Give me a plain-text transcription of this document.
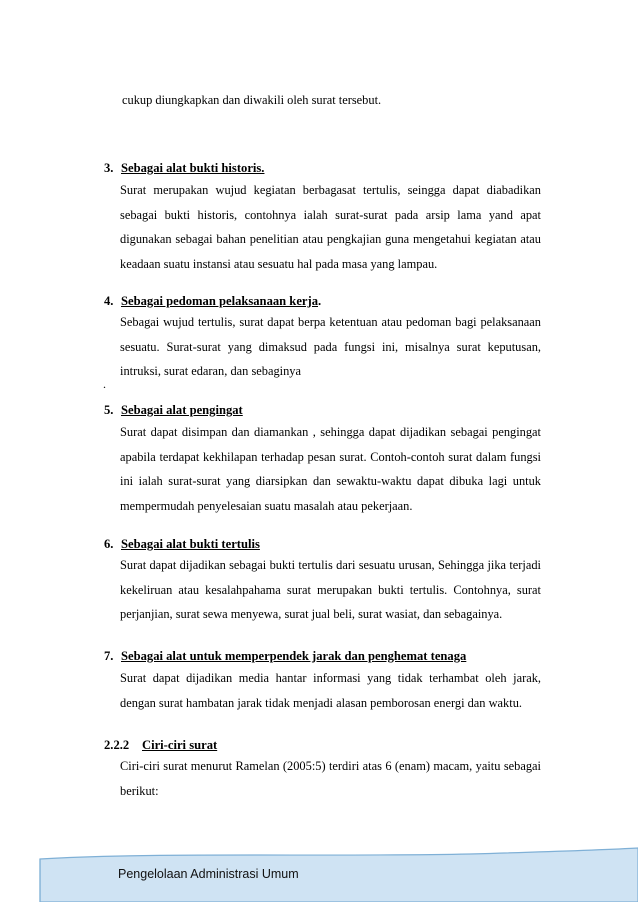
cukup diungkapkan dan diwakili oleh surat tersebut.
3. Sebagai alat bukti historis.

Surat merupakan wujud kegiatan berbagasat tertulis, seingga dapat diabadikan sebagai bukti historis, contohnya ialah surat-surat pada arsip lama yand apat digunakan sebagai bahan penelitian atau pengkajian guna mengetahui kegiatan atau keadaan suatu instansi atau sesuatu hal pada masa yang lampau.

4. Sebagai pedoman pelaksanaan kerja.

Sebagai wujud tertulis, surat dapat berpa ketentuan atau pedoman bagi pelaksanaan sesuatu. Surat-surat yang dimaksud pada fungsi ini, misalnya surat keputusan, intruksi, surat edaran, dan sebaginya

.
5. Sebagai alat pengingat

Surat dapat disimpan dan diamankan , sehingga dapat dijadikan sebagai pengingat apabila terdapat kekhilapan terhadap pesan surat. Contoh-contoh surat dalam fungsi ini ialah surat-surat yang diarsipkan dan sewaktu-waktu dapat dibuka lagi untuk mempermudah penyelesaian suatu masalah atau pekerjaan.

6. Sebagai alat bukti tertulis

Surat dapat dijadikan sebagai bukti tertulis dari sesuatu urusan, Sehingga jika terjadi kekeliruan atau kesalahpahama surat merupakan bukti tertulis. Contohnya, surat perjanjian, surat sewa menyewa, surat jual beli, surat wasiat, dan sebagainya.

7. Sebagai alat untuk memperpendek jarak dan penghemat tenaga

Surat dapat dijadikan media hantar informasi yang tidak terhambat oleh jarak, dengan surat hambatan jarak tidak menjadi alasan pemborosan energi dan waktu.

2.2.2 Ciri-ciri surat

Ciri-ciri surat menurut Ramelan (2005:5) terdiri atas 6 (enam) macam, yaitu sebagai berikut:

Pengelolaan Administrasi Umum
